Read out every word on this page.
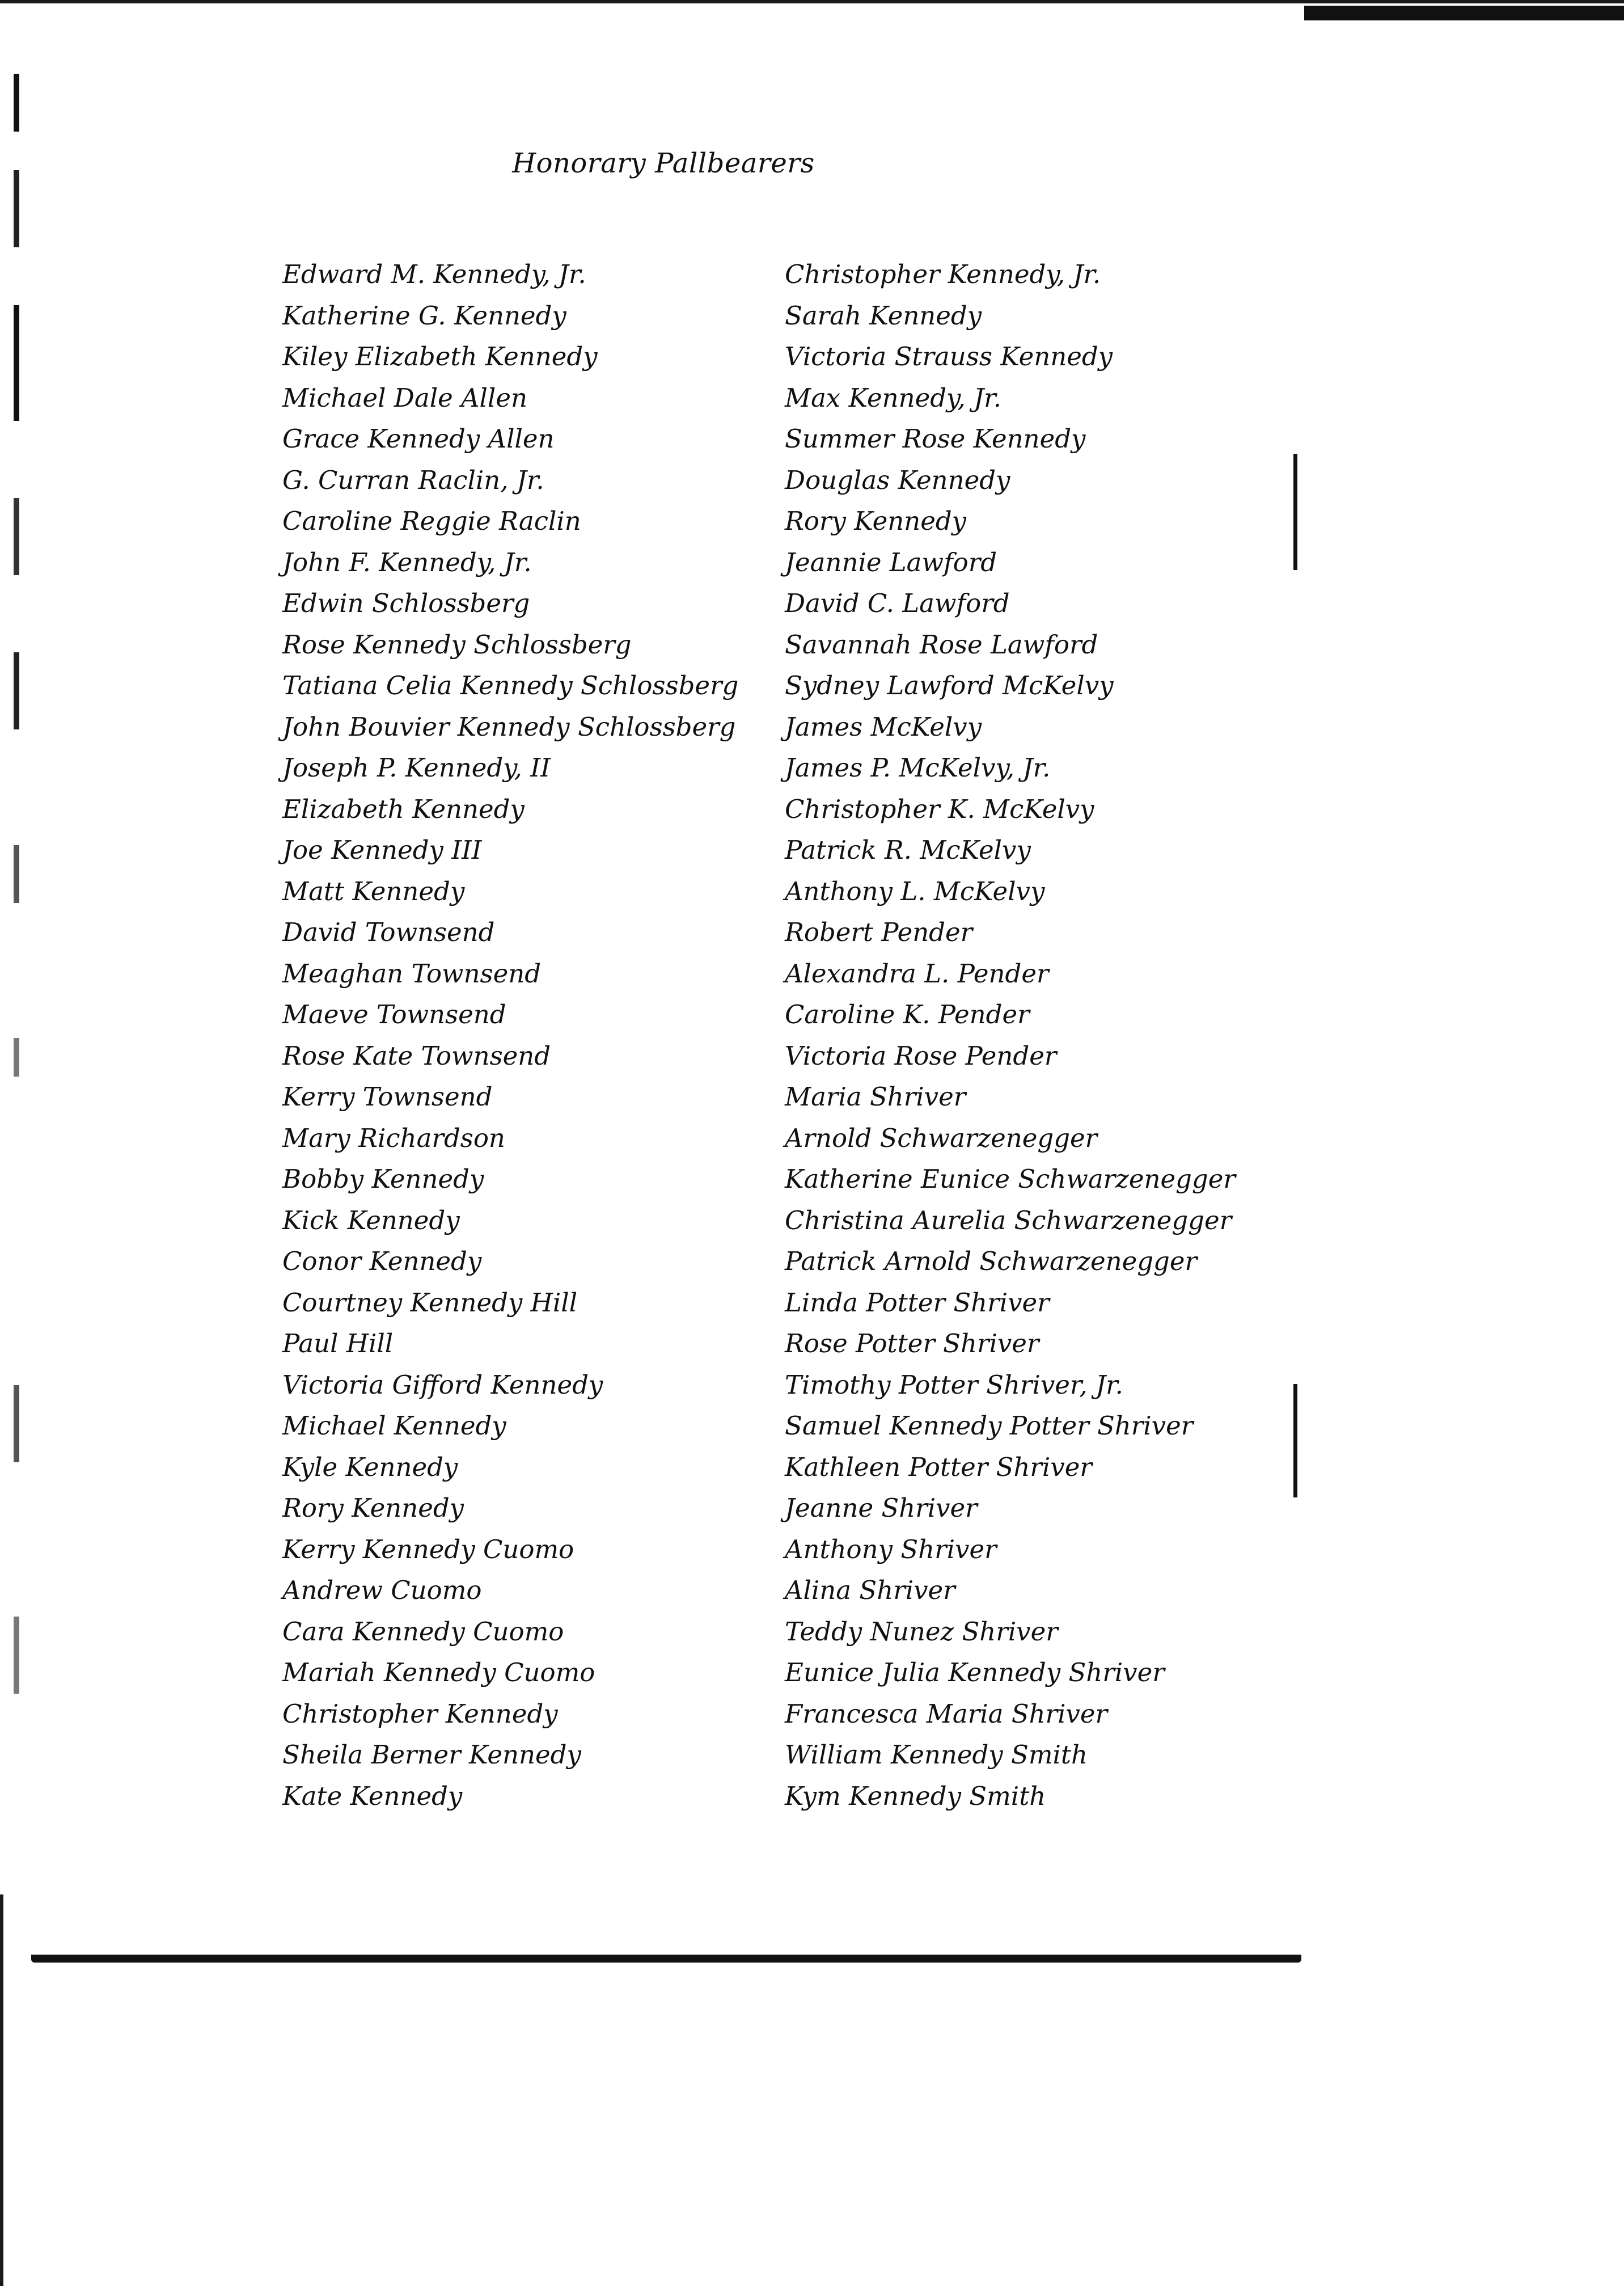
Honorary Pallbearers
Edward M. Kennedy, Jr.
Katherine G. Kennedy
Kiley Elizabeth Kennedy
Michael Dale Allen
Grace Kennedy Allen
G. Curran Raclin, Jr.
Caroline Reggie Raclin
John F. Kennedy, Jr.
Edwin Schlossberg
Rose Kennedy Schlossberg
Tatiana Celia Kennedy Schlossberg
John Bouvier Kennedy Schlossberg
Joseph P. Kennedy, II
Elizabeth Kennedy
Joe Kennedy III
Matt Kennedy
David Townsend
Meaghan Townsend
Maeve Townsend
Rose Kate Townsend
Kerry Townsend
Mary Richardson
Bobby Kennedy
Kick Kennedy
Conor Kennedy
Courtney Kennedy Hill
Paul Hill
Victoria Gifford Kennedy
Michael Kennedy
Kyle Kennedy
Rory Kennedy
Kerry Kennedy Cuomo
Andrew Cuomo
Cara Kennedy Cuomo
Mariah Kennedy Cuomo
Christopher Kennedy
Sheila Berner Kennedy
Kate Kennedy
Christopher Kennedy, Jr.
Sarah Kennedy
Victoria Strauss Kennedy
Max Kennedy, Jr.
Summer Rose Kennedy
Douglas Kennedy
Rory Kennedy
Jeannie Lawford
David C. Lawford
Savannah Rose Lawford
Sydney Lawford McKelvy
James McKelvy
James P. McKelvy, Jr.
Christopher K. McKelvy
Patrick R. McKelvy
Anthony L. McKelvy
Robert Pender
Alexandra L. Pender
Caroline K. Pender
Victoria Rose Pender
Maria Shriver
Arnold Schwarzenegger
Katherine Eunice Schwarzenegger
Christina Aurelia Schwarzenegger
Patrick Arnold Schwarzenegger
Linda Potter Shriver
Rose Potter Shriver
Timothy Potter Shriver, Jr.
Samuel Kennedy Potter Shriver
Kathleen Potter Shriver
Jeanne Shriver
Anthony Shriver
Alina Shriver
Teddy Nunez Shriver
Eunice Julia Kennedy Shriver
Francesca Maria Shriver
William Kennedy Smith
Kym Kennedy Smith
